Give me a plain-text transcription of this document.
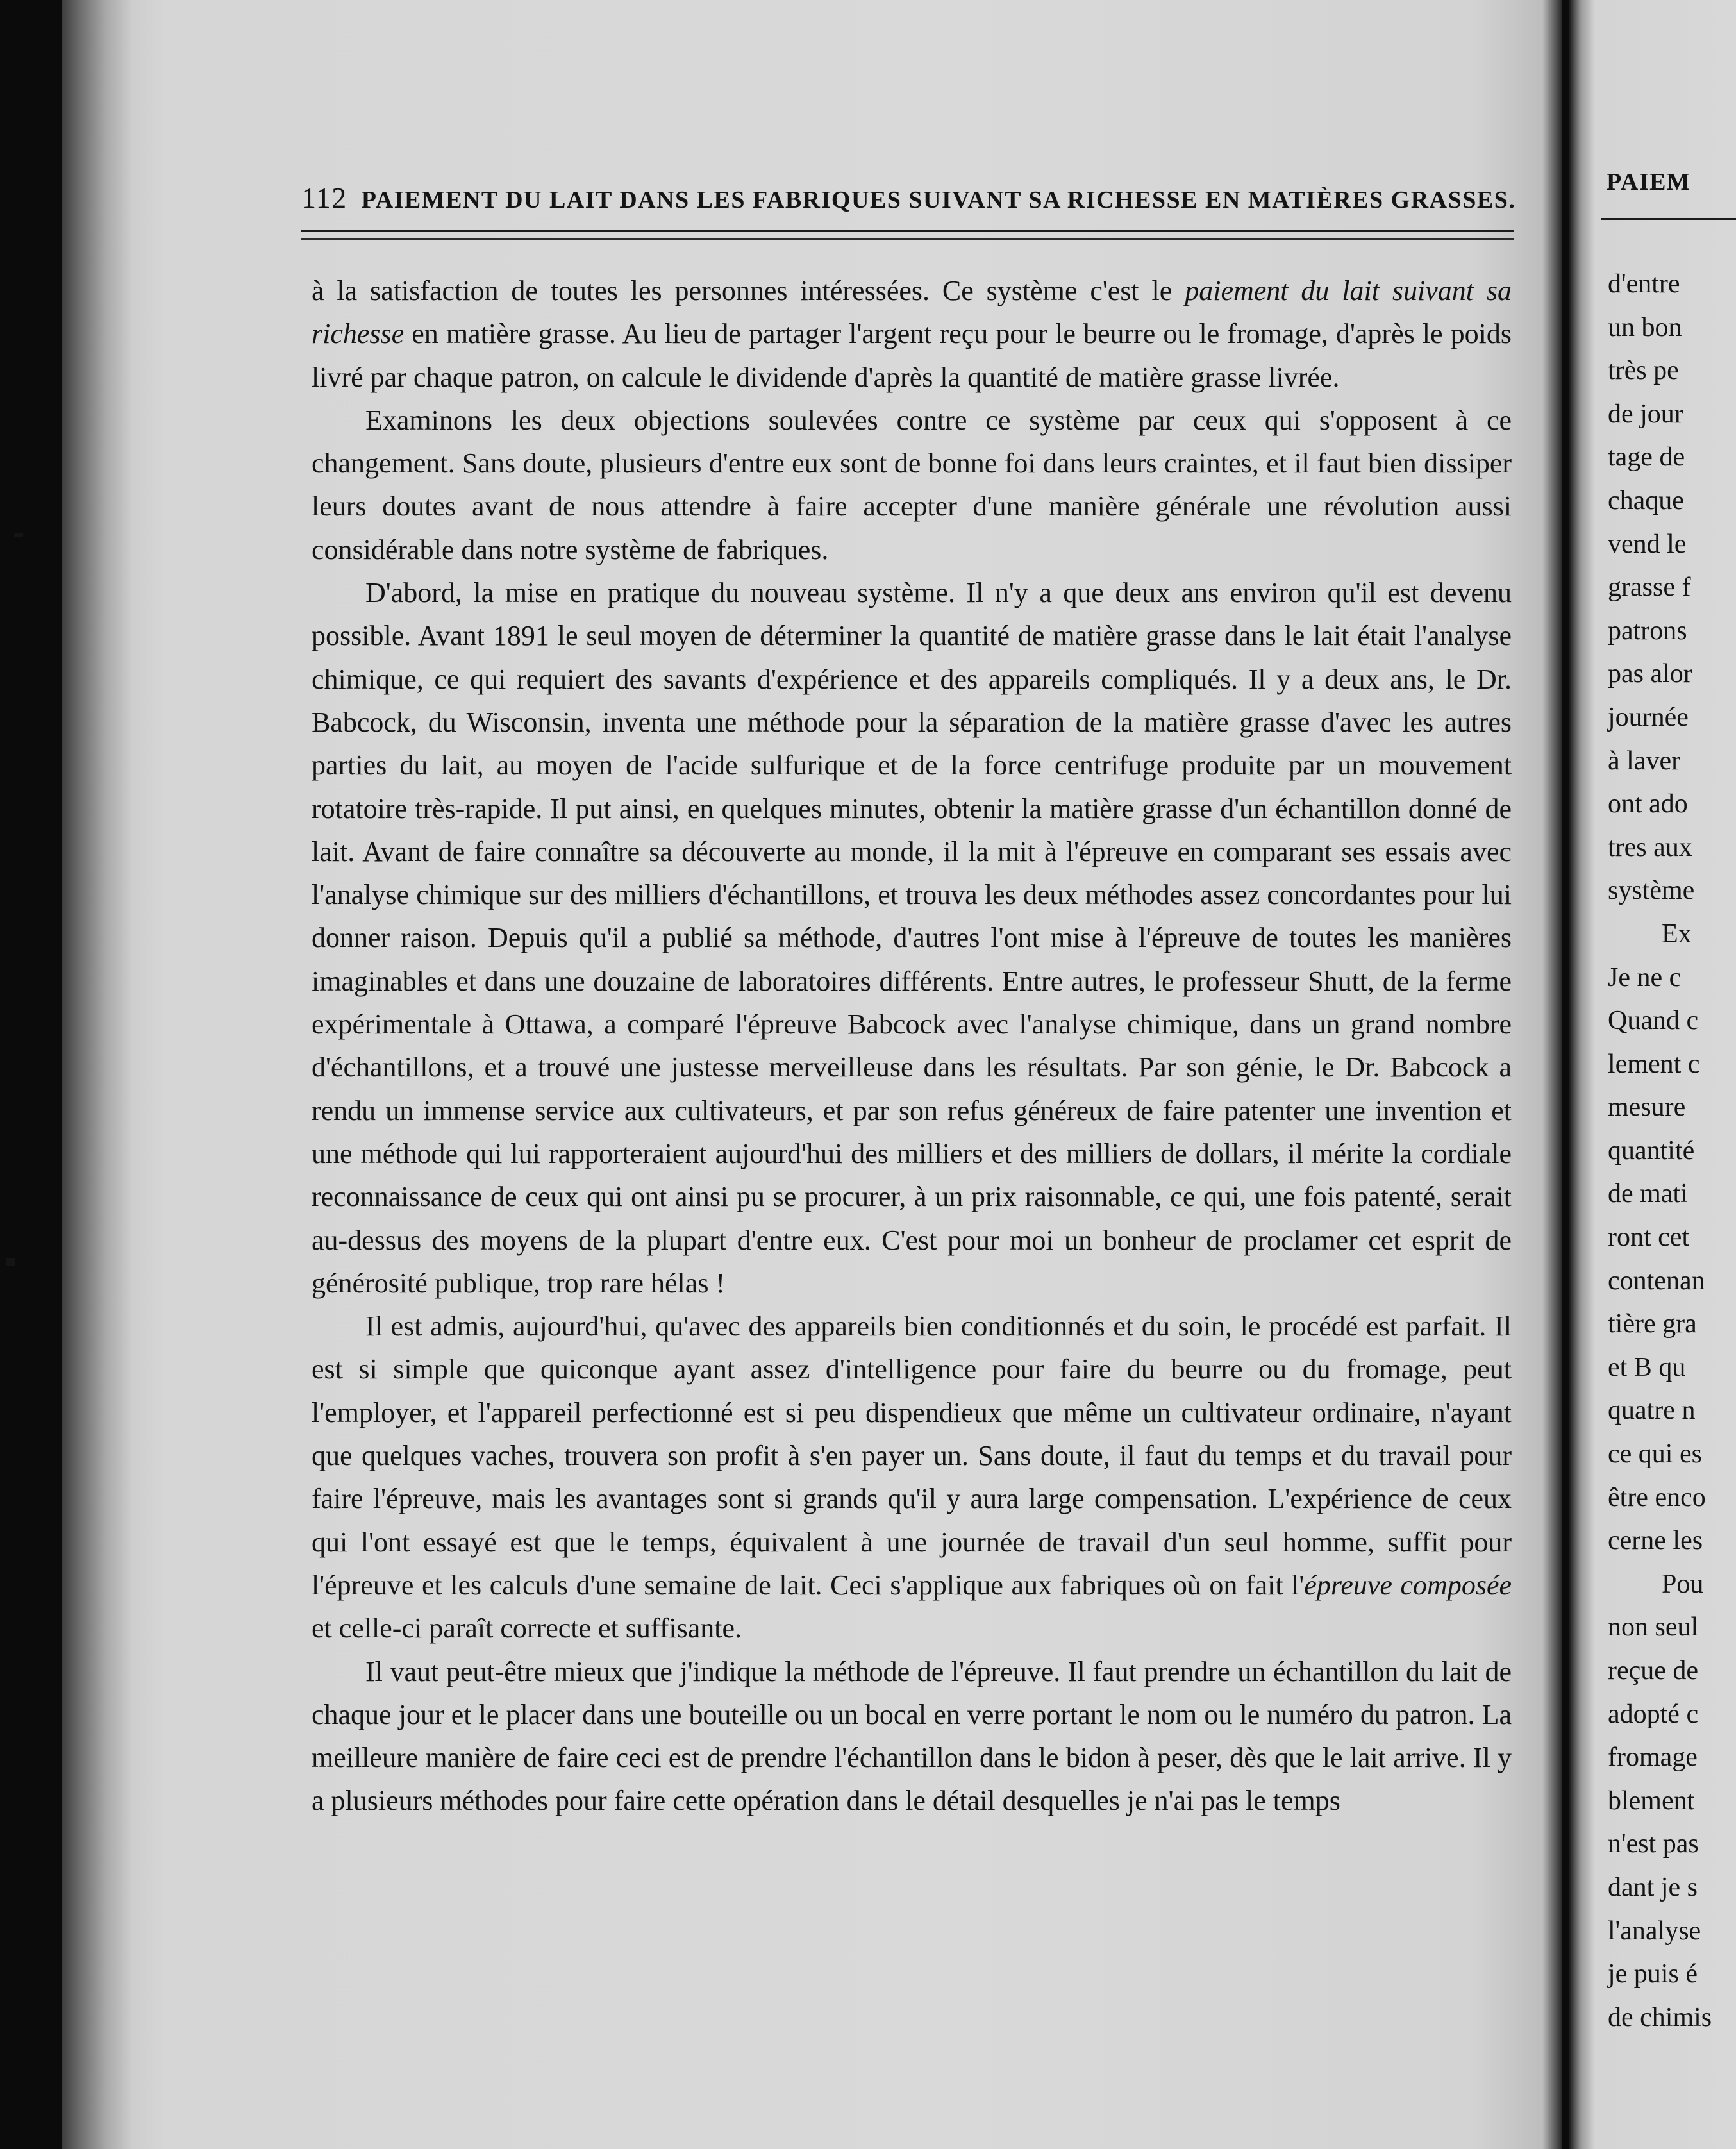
112 PAIEMENT DU LAIT DANS LES FABRIQUES SUIVANT SA RICHESSE EN MATIÈRES GRASSES.

à la satisfaction de toutes les personnes intéressées. Ce système c'est le paiement du lait suivant sa richesse en matière grasse. Au lieu de partager l'argent reçu pour le beurre ou le fromage, d'après le poids livré par chaque patron, on calcule le dividende d'après la quantité de matière grasse livrée.

Examinons les deux objections soulevées contre ce système par ceux qui s'opposent à ce changement. Sans doute, plusieurs d'entre eux sont de bonne foi dans leurs craintes, et il faut bien dissiper leurs doutes avant de nous attendre à faire accepter d'une manière générale une révolution aussi considérable dans notre système de fabriques.

D'abord, la mise en pratique du nouveau système. Il n'y a que deux ans environ qu'il est devenu possible. Avant 1891 le seul moyen de déterminer la quantité de matière grasse dans le lait était l'analyse chimique, ce qui requiert des savants d'expérience et des appareils compliqués. Il y a deux ans, le Dr. Babcock, du Wisconsin, inventa une méthode pour la séparation de la matière grasse d'avec les autres parties du lait, au moyen de l'acide sulfurique et de la force centrifuge produite par un mouvement rotatoire très-rapide. Il put ainsi, en quelques minutes, obtenir la matière grasse d'un échantillon donné de lait. Avant de faire connaître sa découverte au monde, il la mit à l'épreuve en comparant ses essais avec l'analyse chimique sur des milliers d'échantillons, et trouva les deux méthodes assez concordantes pour lui donner raison. Depuis qu'il a publié sa méthode, d'autres l'ont mise à l'épreuve de toutes les manières imaginables et dans une douzaine de laboratoires différents. Entre autres, le professeur Shutt, de la ferme expérimentale à Ottawa, a comparé l'épreuve Babcock avec l'analyse chimique, dans un grand nombre d'échantillons, et a trouvé une justesse merveilleuse dans les résultats. Par son génie, le Dr. Babcock a rendu un immense service aux cultivateurs, et par son refus généreux de faire patenter une invention et une méthode qui lui rapporteraient aujourd'hui des milliers et des milliers de dollars, il mérite la cordiale reconnaissance de ceux qui ont ainsi pu se procurer, à un prix raisonnable, ce qui, une fois patenté, serait au-dessus des moyens de la plupart d'entre eux. C'est pour moi un bonheur de proclamer cet esprit de générosité publique, trop rare hélas !

Il est admis, aujourd'hui, qu'avec des appareils bien conditionnés et du soin, le procédé est parfait. Il est si simple que quiconque ayant assez d'intelligence pour faire du beurre ou du fromage, peut l'employer, et l'appareil perfectionné est si peu dispendieux que même un cultivateur ordinaire, n'ayant que quelques vaches, trouvera son profit à s'en payer un. Sans doute, il faut du temps et du travail pour faire l'épreuve, mais les avantages sont si grands qu'il y aura large compensation. L'expérience de ceux qui l'ont essayé est que le temps, équivalent à une journée de travail d'un seul homme, suffit pour l'épreuve et les calculs d'une semaine de lait. Ceci s'applique aux fabriques où on fait l'épreuve composée et celle-ci paraît correcte et suffisante.

Il vaut peut-être mieux que j'indique la méthode de l'épreuve. Il faut prendre un échantillon du lait de chaque jour et le placer dans une bouteille ou un bocal en verre portant le nom ou le numéro du patron. La meilleure manière de faire ceci est de prendre l'échantillon dans le bidon à peser, dès que le lait arrive. Il y a plusieurs méthodes pour faire cette opération dans le détail desquelles je n'ai pas le temps

PAIEM
d'entre
un bon
très pe
de jour
tage de
chaque
vend le
grasse f
patrons
pas alor
journée
à laver
ont ado
tres aux
système
Ex
Je ne c
Quand c
lement c
mesure
quantité
de mati
ront cet
contenan
tière gra
et B qu
quatre n
ce qui es
être enco
cerne les
Pou
non seul
reçue de
adopté c
fromage
blement
n'est pas
dant je s
l'analyse
je puis é
de chimis
